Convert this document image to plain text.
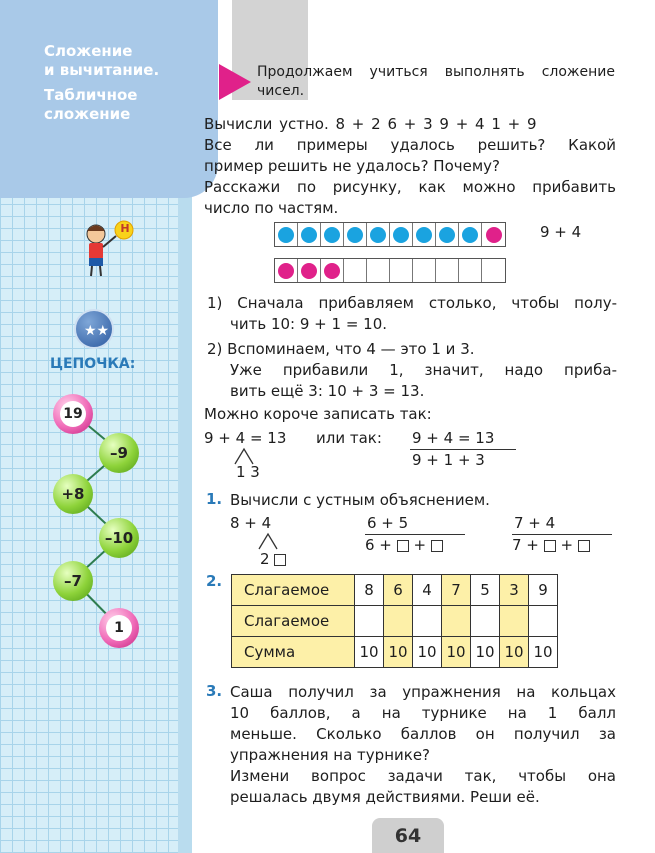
Сложение
и вычитание.
Табличное
сложение
Н
★★
ЦЕПОЧКА:
19
–9
+8
–10
–7
1
Продолжаем учиться выполнять сложение
чисел.

Вычисли устно. 8 + 2 6 + 3 9 + 4 1 + 9

Все ли примеры удалось решить? Какой

пример решить не удалось? Почему?

Расскажи по рисунку, как можно прибавить

число по частям.

9 + 4
1) Сначала прибавляем столько, чтобы полу-
чить 10: 9 + 1 = 10.
2) Вспоминаем, что 4 — это 1 и 3.
Уже прибавили 1, значит, надо приба-
вить ещё 3: 10 + 3 = 13.
Можно короче записать так:
9 + 4 = 13 или так: 9 + 4 = 13
9 + 1 + 3
1 3
1. Вычисли с устным объяснением.
8 + 4
2
6 + 5
6 + +
7 + 4
7 + +
2. Слагаемое	8	6	4	7	5	3	9
Слагаемое							
Сумма	10	10	10	10	10	10	10
3. Саша получил за упражнения на кольцах

10 баллов, а на турнике на 1 балл

меньше. Сколько баллов он получил за

упражнения на турнике?

Измени вопрос задачи так, чтобы она

решалась двумя действиями. Реши её.

64
